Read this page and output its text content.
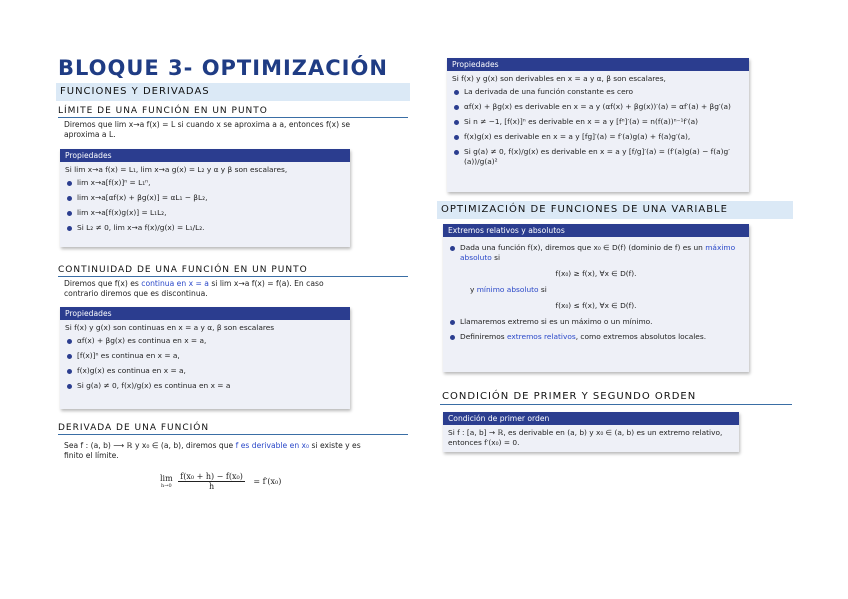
BLOQUE 3- OPTIMIZACIÓN
FUNCIONES Y DERIVADAS
LÍMITE DE UNA FUNCIÓN EN UN PUNTO
Diremos que lim x→a f(x) = L si cuando x se aproxima a a, entonces f(x) se aproxima a L.
Propiedades
Si lim x→a f(x) = L₁, lim x→a g(x) = L₂ y α y β son escalares,
lim x→a[f(x)]ⁿ = L₁ⁿ,
lim x→a[αf(x) + βg(x)] = αL₁ − βL₂,
lim x→a[f(x)g(x)] = L₁L₂,
Si L₂ ≠ 0, lim x→a f(x)/g(x) = L₁/L₂.
CONTINUIDAD DE UNA FUNCIÓN EN UN PUNTO
Diremos que f(x) es continua en x = a si lim x→a f(x) = f(a). En caso contrario diremos que es discontinua.
Propiedades
Si f(x) y g(x) son continuas en x = a y α, β son escalares
αf(x) + βg(x) es continua en x = a,
[f(x)]ⁿ es continua en x = a,
f(x)g(x) es continua en x = a,
Si g(a) ≠ 0, f(x)/g(x) es continua en x = a
DERIVADA DE UNA FUNCIÓN
Sea f : (a, b) ⟶ ℝ y x₀ ∈ (a, b), diremos que f es derivable en x₀ si existe y es finito el límite.
lim
h→0
$\frac{\text{f(x₀ + h) − f(x₀)}}{h} = f'(x_0)$
Propiedades
Si f(x) y g(x) son derivables en x = a y α, β son escalares,
La derivada de una función constante es cero
αf(x) + βg(x) es derivable en x = a y (αf(x) + βg(x))′(a) = αf′(a) + βg′(a)
Si n ≠ −1, [f(x)]ⁿ es derivable en x = a y [fⁿ]′(a) = n(f(a))ⁿ⁻¹f′(a)
f(x)g(x) es derivable en x = a y [fg]′(a) = f′(a)g(a) + f(a)g′(a),
Si g(a) ≠ 0, f(x)/g(x) es derivable en x = a y [f/g]′(a) = (f′(a)g(a) − f(a)g′(a))/g(a)²
OPTIMIZACIÓN DE FUNCIONES DE UNA VARIABLE
Extremos relativos y absolutos
Dada una función f(x), diremos que x₀ ∈ D(f) (dominio de f) es un máximo absoluto si
f(x₀) ≥ f(x), ∀x ∈ D(f).
y mínimo absoluto si
f(x₀) ≤ f(x), ∀x ∈ D(f).
Llamaremos extremo si es un máximo o un mínimo.
Definiremos extremos relativos, como extremos absolutos locales.
CONDICIÓN DE PRIMER Y SEGUNDO ORDEN
Condición de primer orden
Si f : [a, b] → ℝ, es derivable en (a, b) y x₀ ∈ (a, b) es un extremo relativo, entonces f′(x₀) = 0.
